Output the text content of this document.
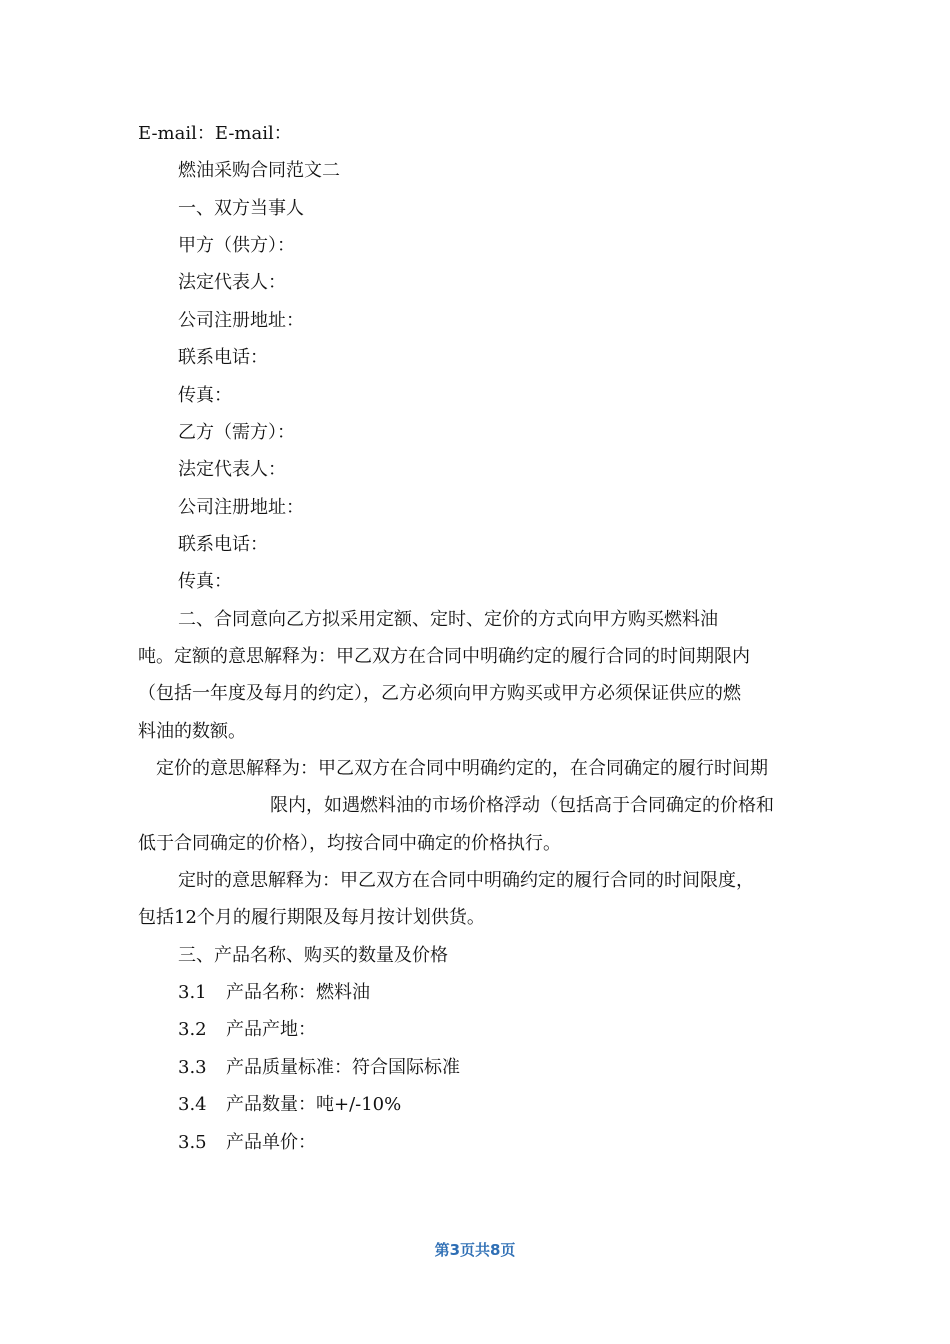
E-mail：E-mail：
燃油采购合同范文二
一、双方当事人
甲方（供方）：
法定代表人：
公司注册地址：
联系电话：
传真：
乙方（需方）：
法定代表人：
公司注册地址：
联系电话：
传真：
二、合同意向乙方拟采用定额、定时、定价的方式向甲方购买燃料油
吨。定额的意思解释为：甲乙双方在合同中明确约定的履行合同的时间期限内
（包括一年度及每月的约定），乙方必须向甲方购买或甲方必须保证供应的燃
料油的数额。
定价的意思解释为：甲乙双方在合同中明确约定的，在合同确定的履行时间期
限内，如遇燃料油的市场价格浮动（包括高于合同确定的价格和
低于合同确定的价格），均按合同中确定的价格执行。
定时的意思解释为：甲乙双方在合同中明确约定的履行合同的时间限度，
包括12个月的履行期限及每月按计划供货。
三、产品名称、购买的数量及价格
3.1 产品名称：燃料油
3.2 产品产地：
3.3 产品质量标准：符合国际标准
3.4 产品数量：吨+/-10%
3.5 产品单价：
第3页共8页
